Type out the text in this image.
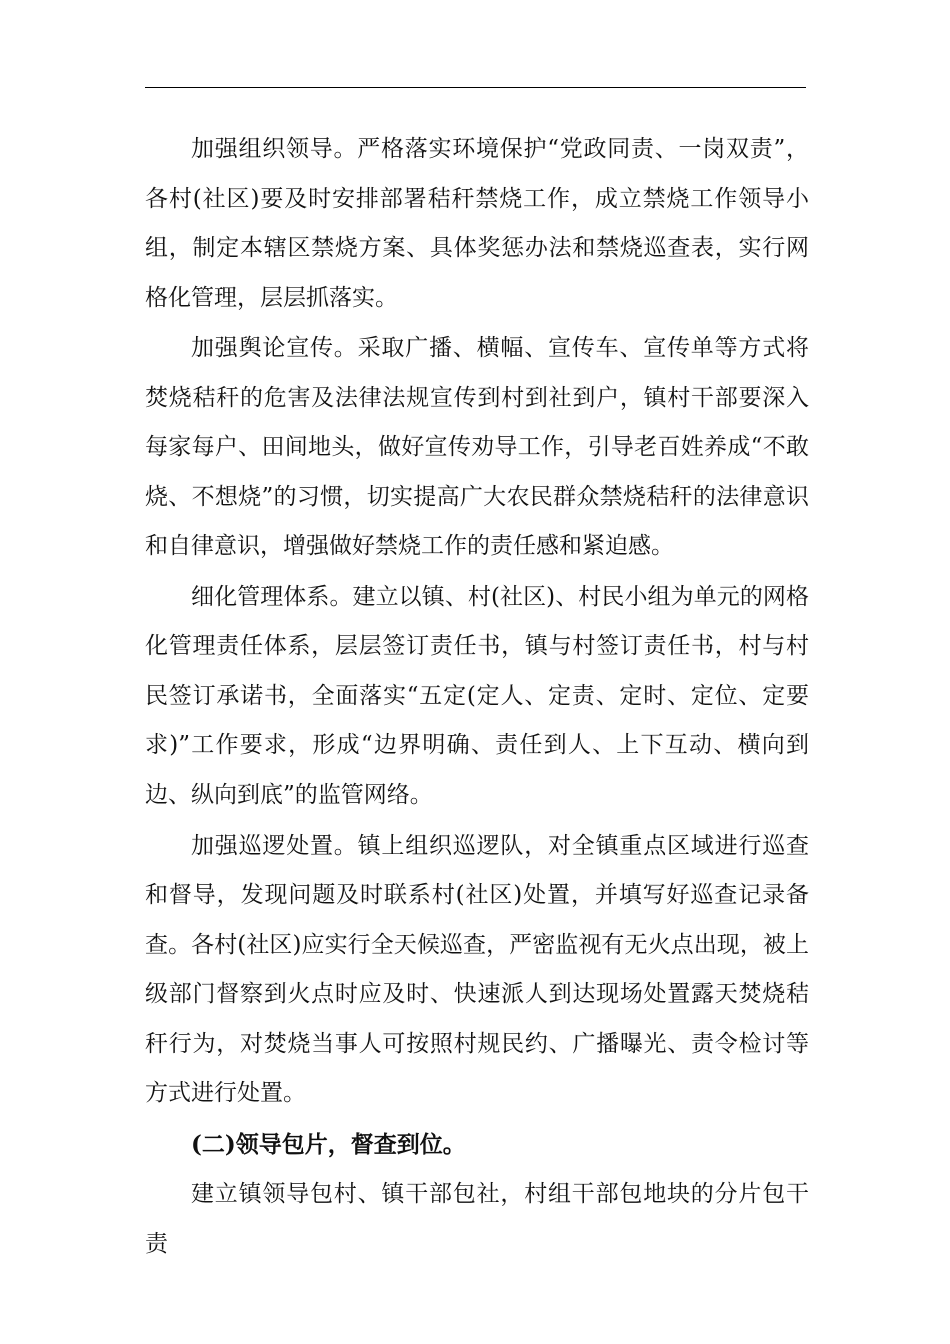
加强组织领导。严格落实环境保护“党政同责、一岗双责”，各村(社区)要及时安排部署秸秆禁烧工作，成立禁烧工作领导小组，制定本辖区禁烧方案、具体奖惩办法和禁烧巡查表，实行网格化管理，层层抓落实。

加强舆论宣传。采取广播、横幅、宣传车、宣传单等方式将焚烧秸秆的危害及法律法规宣传到村到社到户，镇村干部要深入每家每户、田间地头，做好宣传劝导工作，引导老百姓养成“不敢烧、不想烧”的习惯，切实提高广大农民群众禁烧秸秆的法律意识和自律意识，增强做好禁烧工作的责任感和紧迫感。

细化管理体系。建立以镇、村(社区)、村民小组为单元的网格化管理责任体系，层层签订责任书，镇与村签订责任书，村与村民签订承诺书，全面落实“五定(定人、定责、定时、定位、定要求)”工作要求，形成“边界明确、责任到人、上下互动、横向到边、纵向到底”的监管网络。

加强巡逻处置。镇上组织巡逻队，对全镇重点区域进行巡查和督导，发现问题及时联系村(社区)处置，并填写好巡查记录备查。各村(社区)应实行全天候巡查，严密监视有无火点出现，被上级部门督察到火点时应及时、快速派人到达现场处置露天焚烧秸秆行为，对焚烧当事人可按照村规民约、广播曝光、责令检讨等方式进行处置。

(二)领导包片，督查到位。

建立镇领导包村、镇干部包社，村组干部包地块的分片包干责
